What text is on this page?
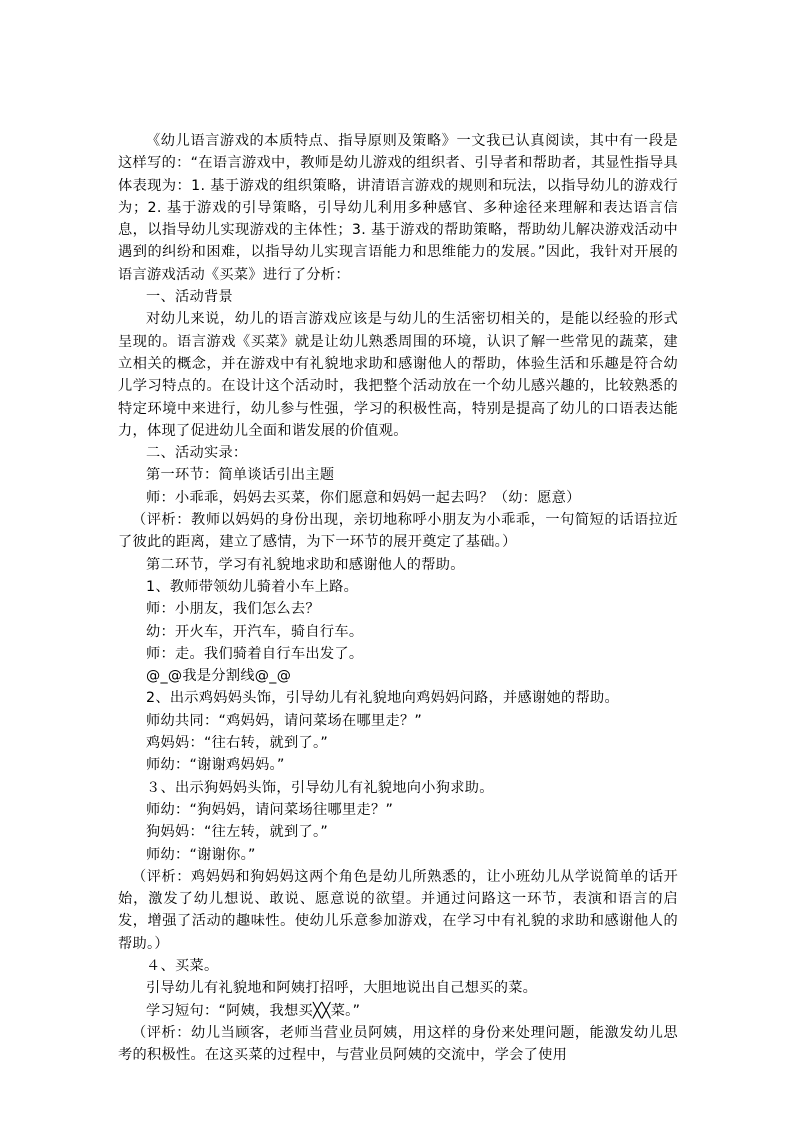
《幼儿语言游戏的本质特点、指导原则及策略》一文我已认真阅读，其中有一段是这样写的：“在语言游戏中，教师是幼儿游戏的组织者、引导者和帮助者，其显性指导具体表现为：1. 基于游戏的组织策略，讲清语言游戏的规则和玩法，以指导幼儿的游戏行为；2. 基于游戏的引导策略，引导幼儿利用多种感官、多种途径来理解和表达语言信息，以指导幼儿实现游戏的主体性；3. 基于游戏的帮助策略，帮助幼儿解决游戏活动中遇到的纠纷和困难，以指导幼儿实现言语能力和思维能力的发展。”因此，我针对开展的语言游戏活动《买菜》进行了分析：

一、活动背景

对幼儿来说，幼儿的语言游戏应该是与幼儿的生活密切相关的，是能以经验的形式呈现的。语言游戏《买菜》就是让幼儿熟悉周围的环境，认识了解一些常见的蔬菜，建立相关的概念，并在游戏中有礼貌地求助和感谢他人的帮助，体验生活和乐趣是符合幼儿学习特点的。在设计这个活动时，我把整个活动放在一个幼儿感兴趣的，比较熟悉的特定环境中来进行，幼儿参与性强，学习的积极性高，特别是提高了幼儿的口语表达能力，体现了促进幼儿全面和谐发展的价值观。

二、活动实录：

第一环节：简单谈话引出主题

师：小乖乖，妈妈去买菜，你们愿意和妈妈一起去吗？（幼：愿意）

（评析：教师以妈妈的身份出现，亲切地称呼小朋友为小乖乖，一句简短的话语拉近了彼此的距离，建立了感情，为下一环节的展开奠定了基础。）

第二环节，学习有礼貌地求助和感谢他人的帮助。

1、教师带领幼儿骑着小车上路。

师：小朋友，我们怎么去？

幼：开火车，开汽车，骑自行车。

师：走。我们骑着自行车出发了。

@_@我是分割线@_@

2、出示鸡妈妈头饰，引导幼儿有礼貌地向鸡妈妈问路，并感谢她的帮助。

师幼共同：“鸡妈妈，请问菜场在哪里走？”

鸡妈妈：“往右转，就到了。”

师幼：“谢谢鸡妈妈。”

３、出示狗妈妈头饰，引导幼儿有礼貌地向小狗求助。

师幼：“狗妈妈，请问菜场往哪里走？”

狗妈妈：“往左转，就到了。”

师幼：“谢谢你。”

（评析：鸡妈妈和狗妈妈这两个角色是幼儿所熟悉的，让小班幼儿从学说简单的话开始，激发了幼儿想说、敢说、愿意说的欲望。并通过问路这一环节，表演和语言的启发，增强了活动的趣味性。使幼儿乐意参加游戏，在学习中有礼貌的求助和感谢他人的帮助。）

４、买菜。

引导幼儿有礼貌地和阿姨打招呼，大胆地说出自己想买的菜。

学习短句：“阿姨，我想买╳╳菜。”

（评析：幼儿当顾客，老师当营业员阿姨，用这样的身份来处理问题，能激发幼儿思考的积极性。在这买菜的过程中，与营业员阿姨的交流中，学会了使用
